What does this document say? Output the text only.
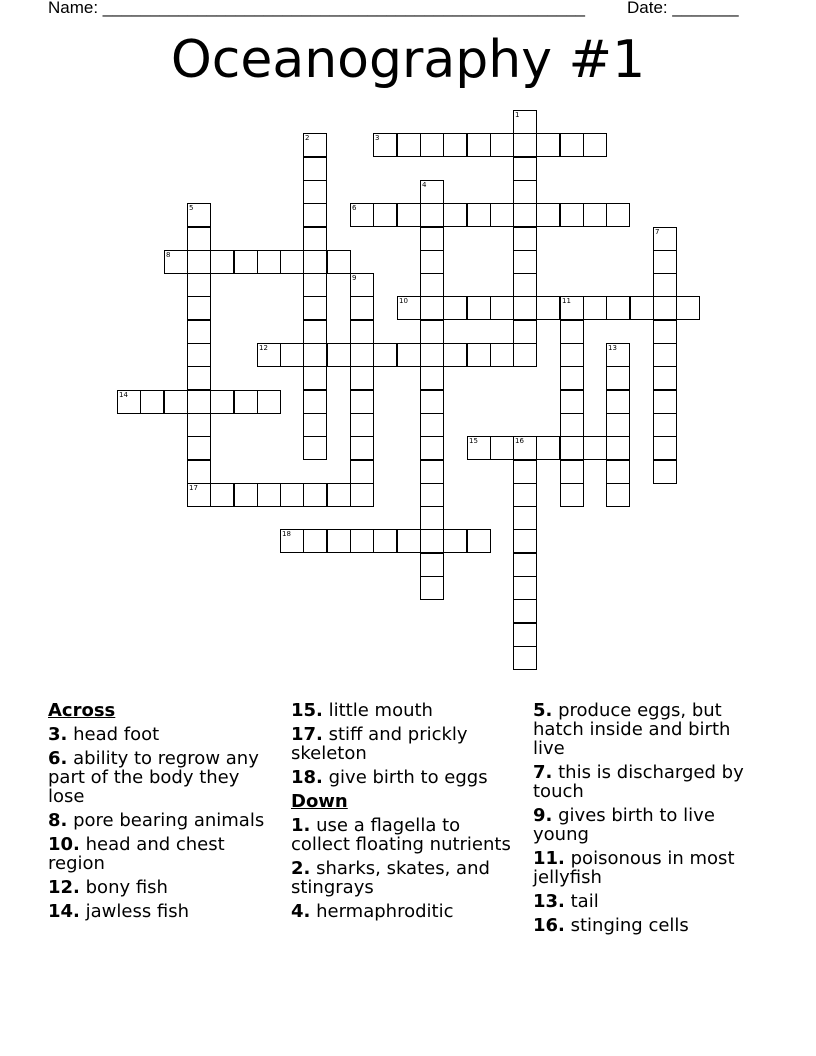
Name: ___________________________________________________ Date: _______
Oceanography #1
1
2	3
4
5
17
6
7
8
9
10	11
12	13
14
15	16
18
Across
3. head foot
6. ability to regrow any part of the body they lose
8. pore bearing animals
10. head and chest region
12. bony fish
14. jawless fish
15. little mouth
17. stiff and prickly skeleton
18. give birth to eggs
Down
1. use a flagella to collect floating nutrients
2. sharks, skates, and stingrays
4. hermaphroditic
5. produce eggs, but hatch inside and birth live
7. this is discharged by touch
9. gives birth to live young
11. poisonous in most jellyfish
13. tail
16. stinging cells
